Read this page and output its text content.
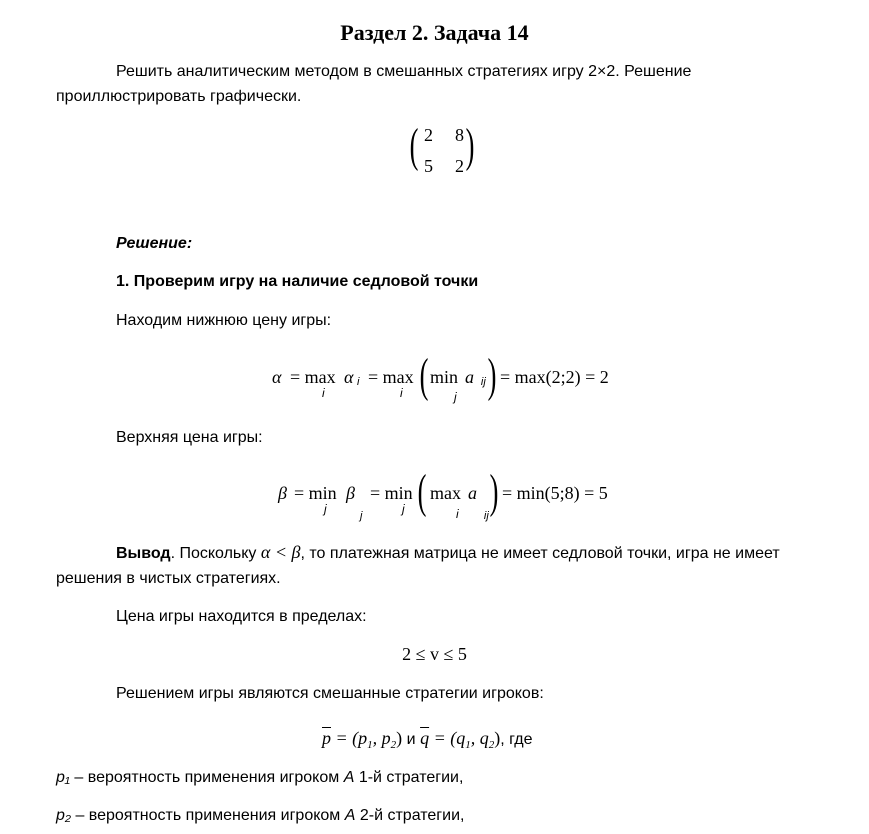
Раздел 2. Задача 14
Решить аналитическим методом в смешанных стратегиях игру 2×2. Решение
проиллюстрировать графически.
( 2 8
5 2 )
Решение:
1. Проверим игру на наличие седловой точки
Находим нижнюю цену игры:
α = max
i
α $_i$ = max
i ( min
j
a $_{ij}$ ) = max(2;2) = 2
Верхняя цена игры:
β = min
j
β
$_j$
= min
j ( max
i
a
$_{ij}$ ) = min(5;8) = 5
Вывод. Поскольку α < β, то платежная матрица не имеет седловой точки, игра не имеет
решения в чистых стратегиях.
Цена игры находится в пределах:
2 ≤ v ≤ 5
Решением игры являются смешанные стратегии игроков:
$\overline{p} = (p_1$, $p_2$) и $\overline{q} = (q_1$, $q_2$), где
p₁ – вероятность применения игроком A 1-й стратегии,
p₂ – вероятность применения игроком A 2-й стратегии,
